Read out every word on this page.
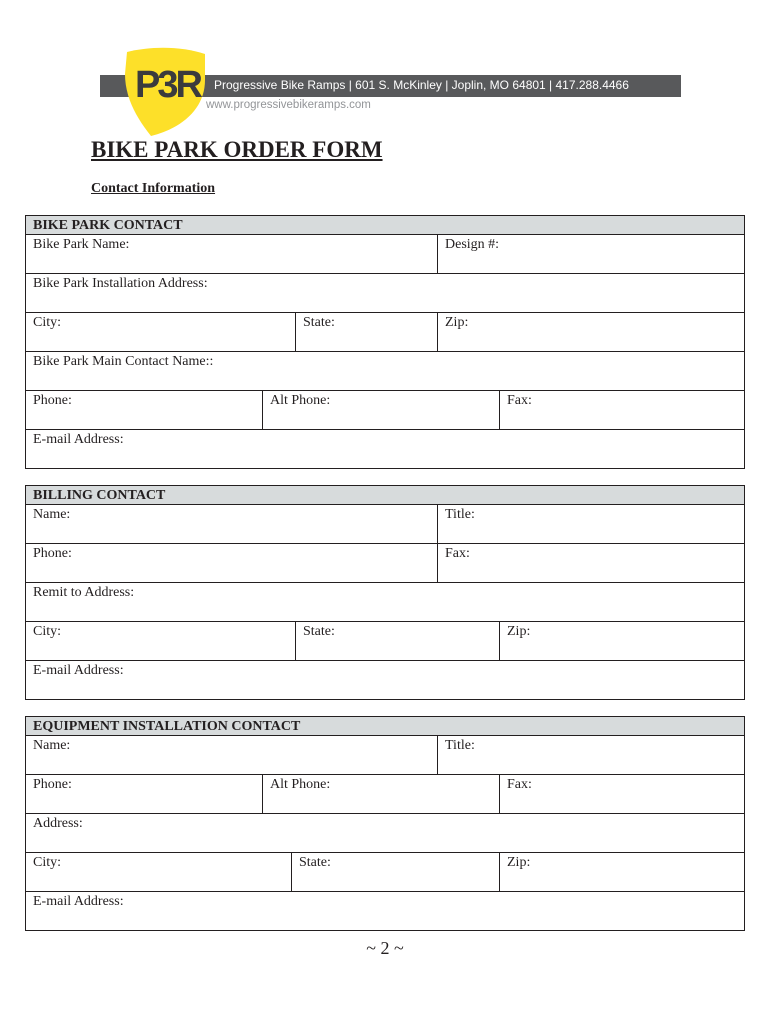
Progressive Bike Ramps | 601 S. McKinley | Joplin, MO 64801 | 417.288.4466
P3R www.progressivebikeramps.com
BIKE PARK ORDER FORM
Contact Information
BIKE PARK CONTACT
Bike Park Name:	Design #:
Bike Park Installation Address:
City:	State:	Zip:
Bike Park Main Contact Name::
Phone:	Alt Phone:	Fax:
E-mail Address:
BILLING CONTACT
Name:	Title:
Phone:	Fax:
Remit to Address:
City:	State:	Zip:
E-mail Address:
EQUIPMENT INSTALLATION CONTACT
Name:	Title:
Phone:	Alt Phone:	Fax:
Address:
City:	State:	Zip:
E-mail Address:
~ 2 ~
